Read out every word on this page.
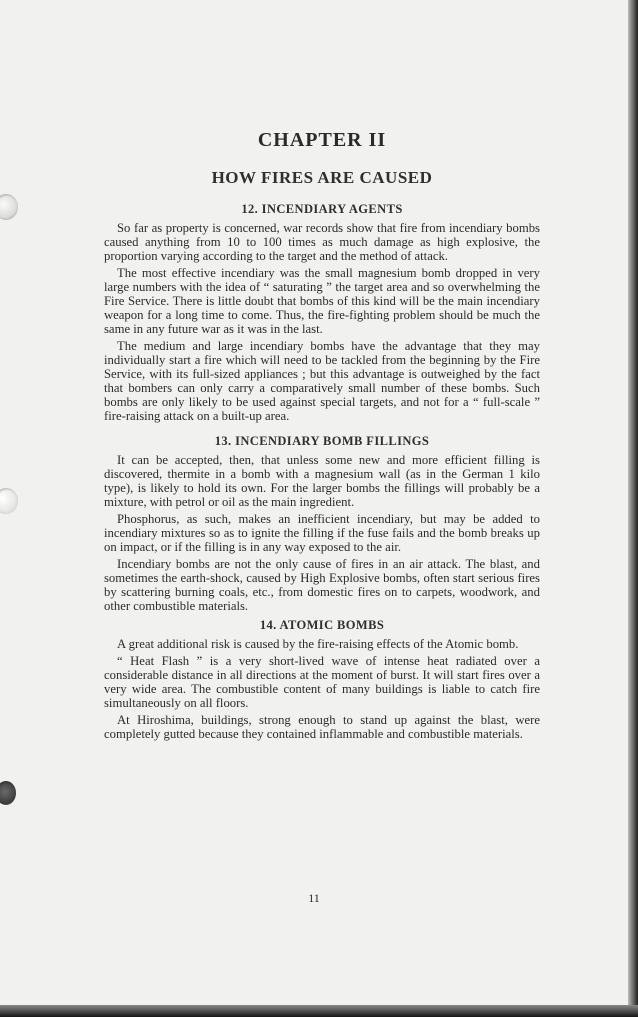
CHAPTER II
HOW FIRES ARE CAUSED
12. INCENDIARY AGENTS

So far as property is concerned, war records show that fire from incendiary bombs caused anything from 10 to 100 times as much damage as high explosive, the proportion varying according to the target and the method of attack.

The most effective incendiary was the small magnesium bomb dropped in very large numbers with the idea of “ saturating ” the target area and so overwhelming the Fire Service. There is little doubt that bombs of this kind will be the main incendiary weapon for a long time to come. Thus, the fire-fighting problem should be much the same in any future war as it was in the last.

The medium and large incendiary bombs have the advantage that they may individually start a fire which will need to be tackled from the beginning by the Fire Service, with its full-sized appliances ; but this advantage is outweighed by the fact that bombers can only carry a comparatively small number of these bombs. Such bombs are only likely to be used against special targets, and not for a “ full-scale ” fire-raising attack on a built-up area.

13. INCENDIARY BOMB FILLINGS

It can be accepted, then, that unless some new and more efficient filling is discovered, thermite in a bomb with a magnesium wall (as in the German 1 kilo type), is likely to hold its own. For the larger bombs the fillings will probably be a mixture, with petrol or oil as the main ingredient.

Phosphorus, as such, makes an inefficient incendiary, but may be added to incendiary mixtures so as to ignite the filling if the fuse fails and the bomb breaks up on impact, or if the filling is in any way exposed to the air.

Incendiary bombs are not the only cause of fires in an air attack. The blast, and sometimes the earth-shock, caused by High Explosive bombs, often start serious fires by scattering burning coals, etc., from domestic fires on to carpets, woodwork, and other combustible materials.

14. ATOMIC BOMBS

A great additional risk is caused by the fire-raising effects of the Atomic bomb.

“ Heat Flash ” is a very short-lived wave of intense heat radiated over a considerable distance in all directions at the moment of burst. It will start fires over a very wide area. The combustible content of many buildings is liable to catch fire simultaneously on all floors.

At Hiroshima, buildings, strong enough to stand up against the blast, were completely gutted because they contained inflammable and combustible materials.

11
